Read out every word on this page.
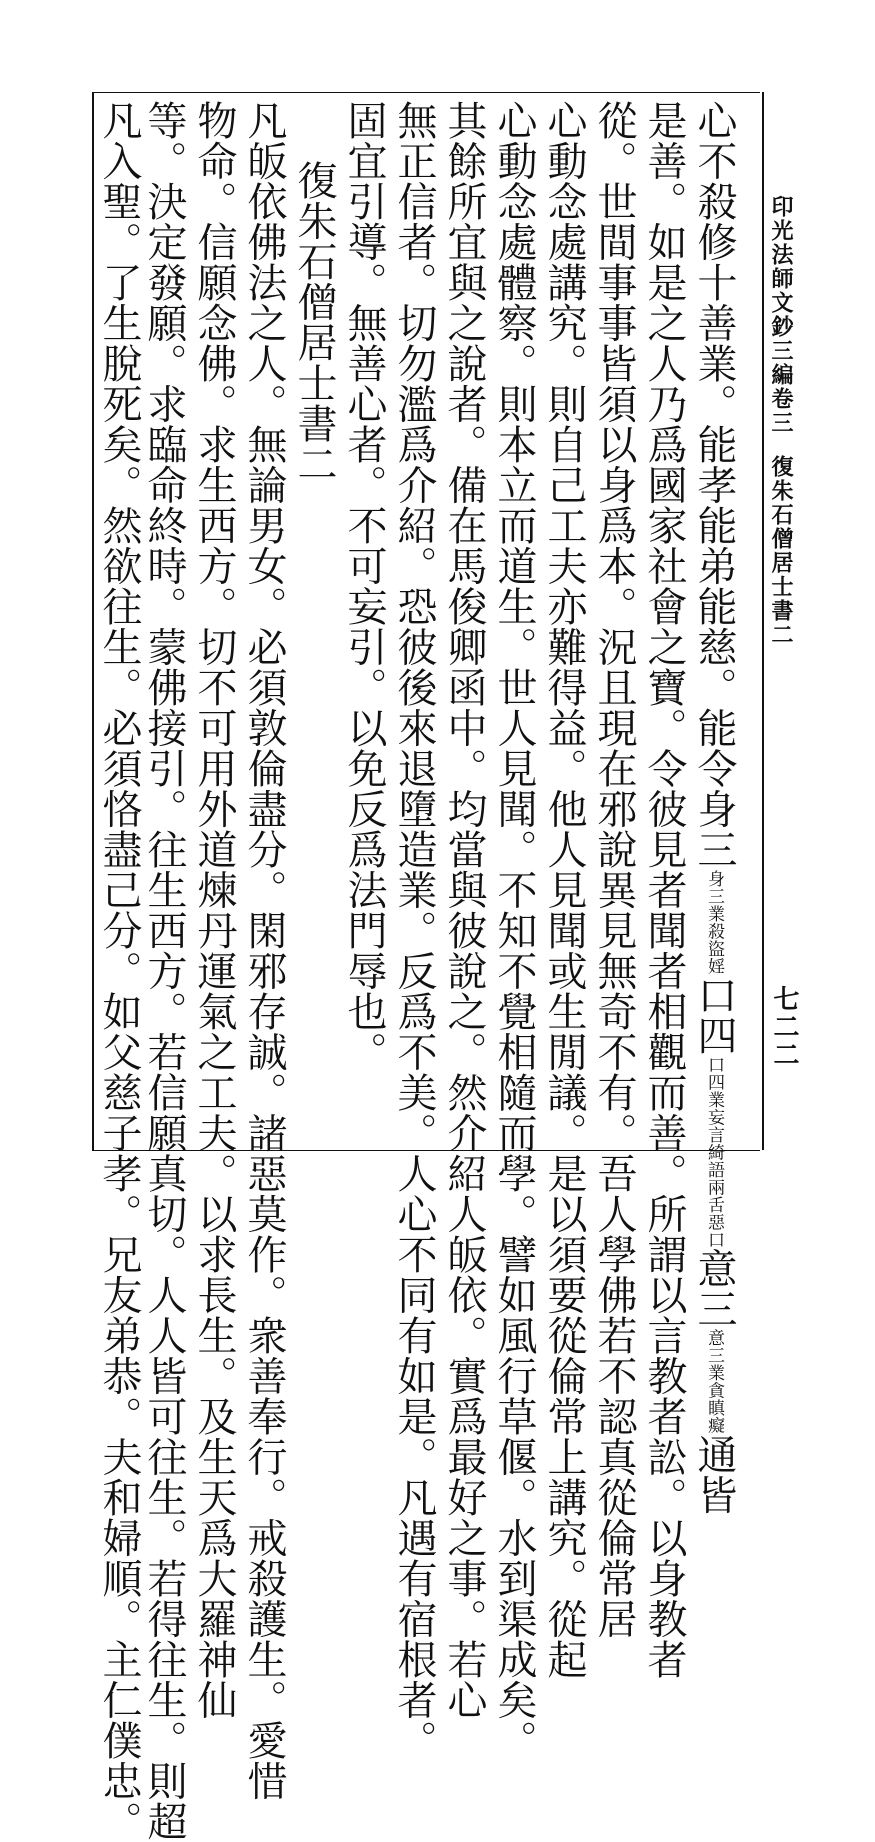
印光法師文鈔三編卷三
復朱石僧居士書二
七二二
心不殺修十善業。能孝能弟能慈。能令身三身三業殺盜婬口四口四業妄言綺語兩舌惡口意三意三業貪瞋癡通皆
是善。如是之人乃爲國家社會之寶。令彼見者聞者相觀而善。所謂以言教者訟。以身教者
從。世間事事皆須以身爲本。況且現在邪說異見無奇不有。吾人學佛若不認真從倫常居
心動念處講究。則自己工夫亦難得益。他人見聞或生閒議。是以須要從倫常上講究。從起
心動念處體察。則本立而道生。世人見聞。不知不覺相隨而學。譬如風行草偃。水到渠成矣。
其餘所宜與之說者。備在馬俊卿函中。均當與彼說之。然介紹人皈依。實爲最好之事。若心
無正信者。切勿濫爲介紹。恐彼後來退墮造業。反爲不美。人心不同有如是。凡遇有宿根者。
固宜引導。無善心者。不可妄引。以免反爲法門辱也。
復朱石僧居士書二
凡皈依佛法之人。無論男女。必須敦倫盡分。閑邪存誠。諸惡莫作。衆善奉行。戒殺護生。愛惜
物命。信願念佛。求生西方。切不可用外道煉丹運氣之工夫。以求長生。及生天爲大羅神仙
等。決定發願。求臨命終時。蒙佛接引。往生西方。若信願真切。人人皆可往生。若得往生。則超
凡入聖。了生脫死矣。然欲往生。必須恪盡己分。如父慈子孝。兄友弟恭。夫和婦順。主仁僕忠。
